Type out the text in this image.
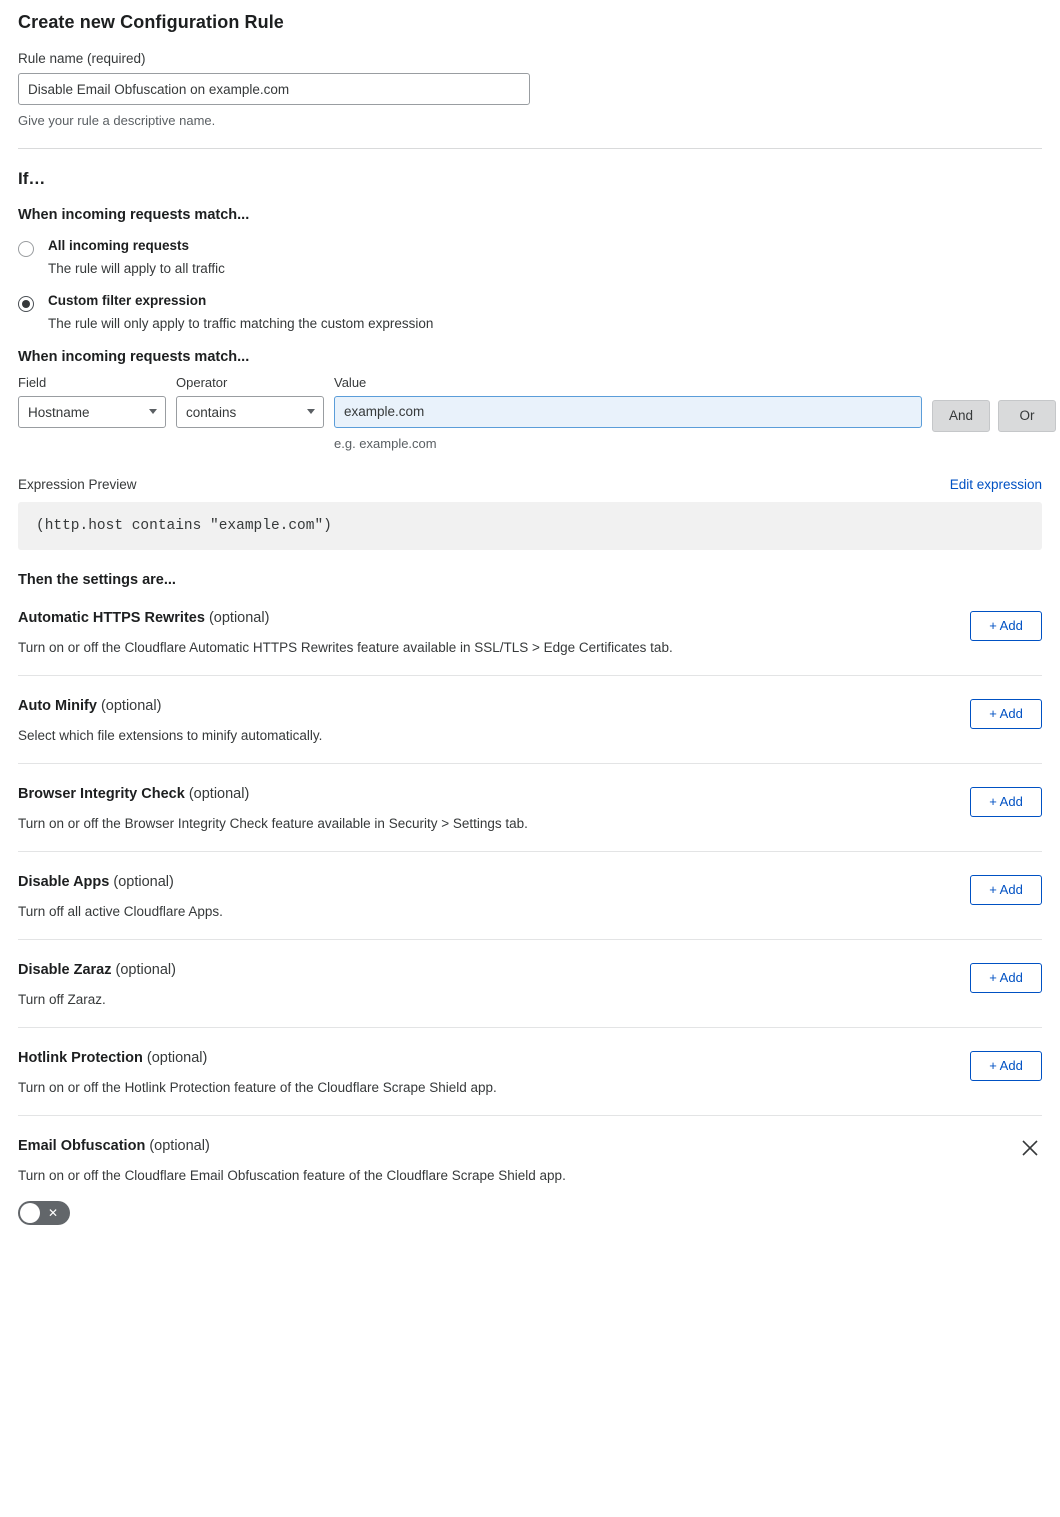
Create new Configuration Rule
Rule name (required)
Disable Email Obfuscation on example.com
Give your rule a descriptive name.
If…
When incoming requests match...
All incoming requests
The rule will apply to all traffic
Custom filter expression
The rule will only apply to traffic matching the custom expression
When incoming requests match...
Field
Hostname
Operator
contains
Value
example.com
e.g. example.com
And	Or
Expression Preview	Edit expression
(http.host contains "example.com")
Then the settings are...
Automatic HTTPS Rewrites (optional)
Turn on or off the Cloudflare Automatic HTTPS Rewrites feature available in SSL/TLS > Edge Certificates tab.
+ Add
Auto Minify (optional)
Select which file extensions to minify automatically.
+ Add
Browser Integrity Check (optional)
Turn on or off the Browser Integrity Check feature available in Security > Settings tab.
+ Add
Disable Apps (optional)
Turn off all active Cloudflare Apps.
+ Add
Disable Zaraz (optional)
Turn off Zaraz.
+ Add
Hotlink Protection (optional)
Turn on or off the Hotlink Protection feature of the Cloudflare Scrape Shield app.
+ Add
Email Obfuscation (optional)
Turn on or off the Cloudflare Email Obfuscation feature of the Cloudflare Scrape Shield app.
✕
